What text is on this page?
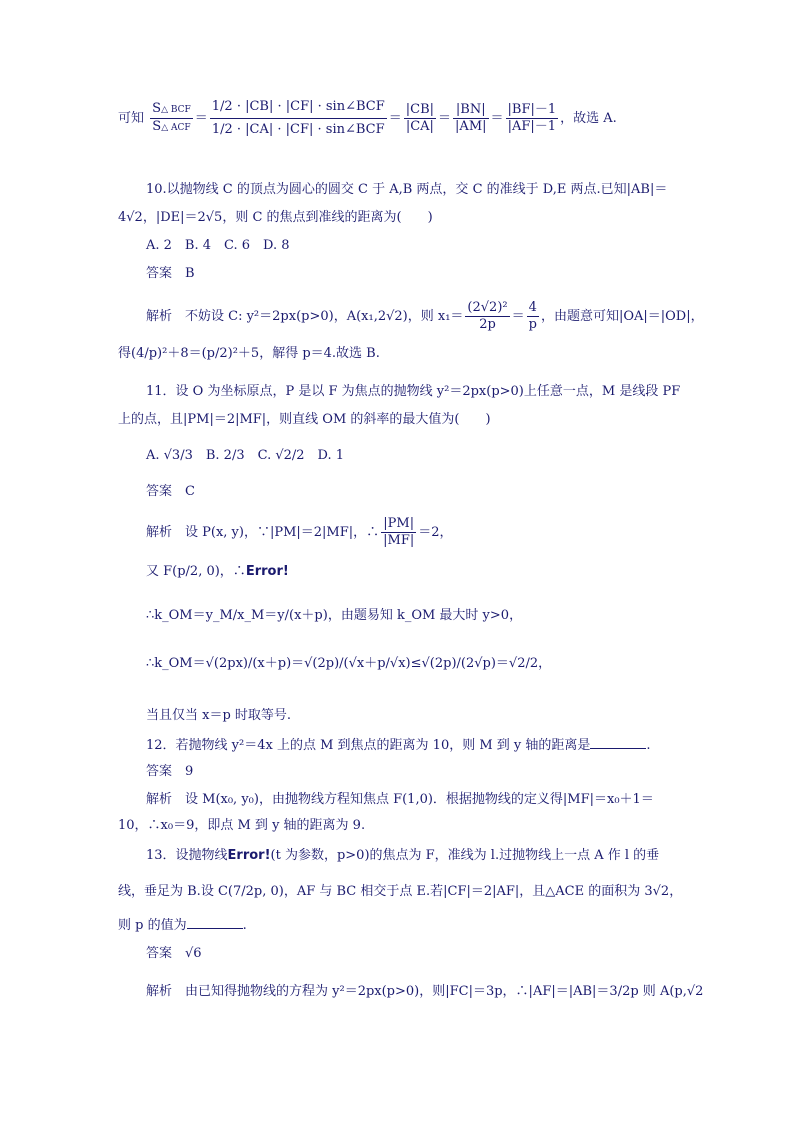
可知 $\frac{\text{S△ BCF}}{\text{S△ ACF}} = \frac{\text{1/2 · |CB| · |CF| · sin∠BCF}}{\text{1/2 · |CA| · |CF| · sin∠BCF}} = \frac{|CB|}{|CA|} = \frac{|BN|}{|AM|} = \frac{|BF|-1}{|AF|-1}$ ，故选 A.
10.以抛物线 C 的顶点为圆心的圆交 C 于 A,B 两点，交 C 的准线于 D,E 两点.已知|AB|＝
4√2，|DE|＝2√5，则 C 的焦点到准线的距离为(　　)
A. 2　B. 4　C. 6　D. 8
答案　B
解析　不妨设 C: y²＝2px(p>0)，A(x₁,2√2)，则 $x_1= \frac{\text{(2√2)²}}{2p} = \frac{4}{p}$ ，由题意可知|OA|＝|OD|，
得(4/p)²＋8＝(p/2)²＋5，解得 p＝4.故选 B.
11．设 O 为坐标原点，P 是以 F 为焦点的抛物线 y²＝2px(p>0)上任意一点，M 是线段 PF
上的点，且|PM|＝2|MF|，则直线 OM 的斜率的最大值为(　　)
A. √3/3　B. 2/3　C. √2/2　D. 1
答案　C
解析　设 P(x, y)，∵|PM|＝2|MF|，∴ $\frac{|PM|}{|MF|} =2$，
又 F(p/2, 0)，∴Error!
∴k_OM＝y_M/x_M＝y/(x＋p)，由题易知 k_OM 最大时 y>0，
∴k_OM＝√(2px)/(x＋p)＝√(2p)/(√x＋p/√x)≤√(2p)/(2√p)＝√2/2，
当且仅当 x＝p 时取等号.
12．若抛物线 y²＝4x 上的点 M 到焦点的距离为 10，则 M 到 y 轴的距离是	.
答案　9
解析　设 M(x₀, y₀)，由抛物线方程知焦点 F(1,0)．根据抛物线的定义得|MF|＝x₀＋1＝
10，∴x₀＝9，即点 M 到 y 轴的距离为 9.
13．设抛物线Error!(t 为参数，p>0)的焦点为 F，准线为 l.过抛物线上一点 A 作 l 的垂
线，垂足为 B.设 C(7/2p, 0)，AF 与 BC 相交于点 E.若|CF|＝2|AF|，且△ACE 的面积为 3√2，
则 p 的值为	.
答案　√6
解析　由已知得抛物线的方程为 y²＝2px(p>0)，则|FC|＝3p，∴|AF|＝|AB|＝3/2p 则 A(p,√2
